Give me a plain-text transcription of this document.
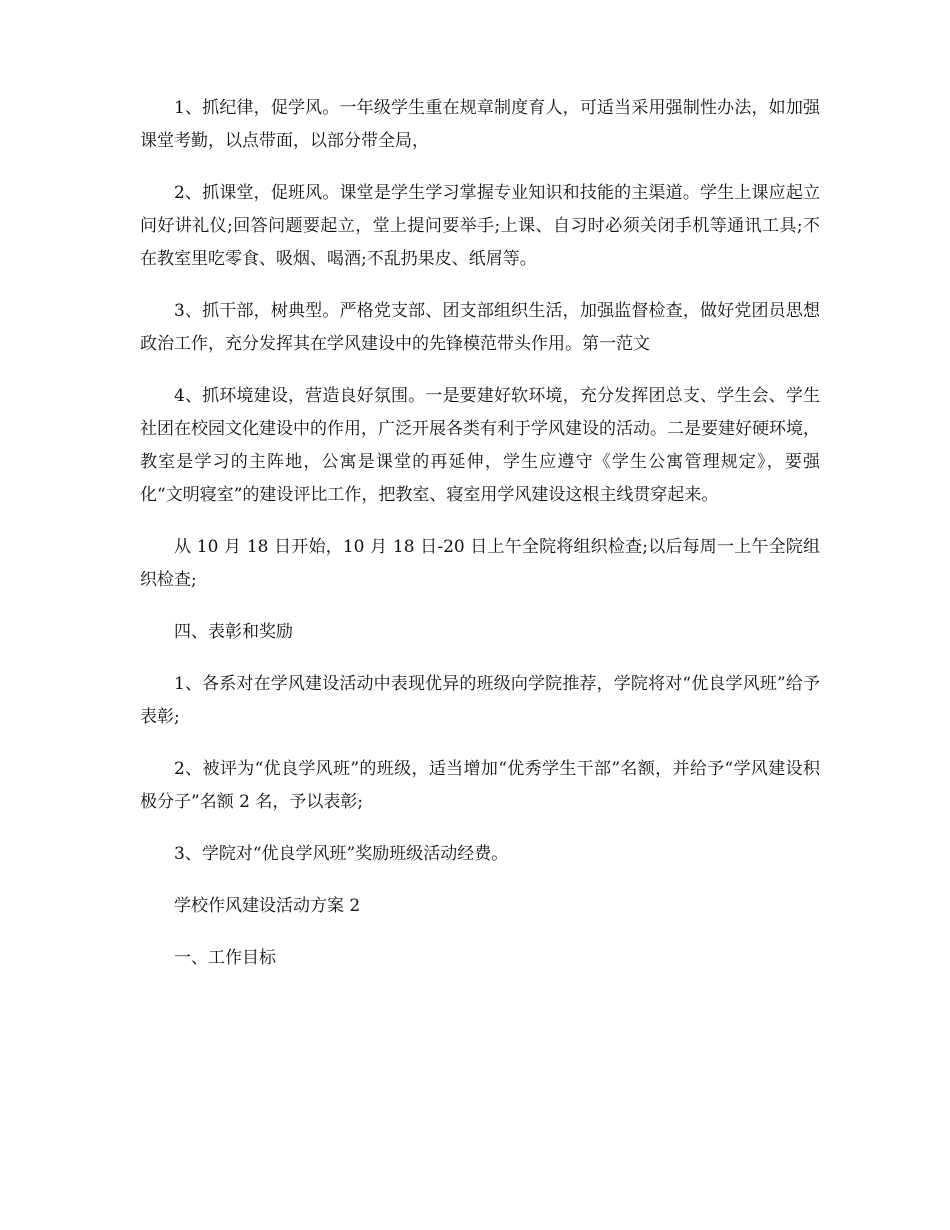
1、抓纪律，促学风。一年级学生重在规章制度育人，可适当采用强制性办法，如加强课堂考勤，以点带面，以部分带全局，

2、抓课堂，促班风。课堂是学生学习掌握专业知识和技能的主渠道。学生上课应起立问好讲礼仪;回答问题要起立，堂上提问要举手;上课、自习时必须关闭手机等通讯工具;不在教室里吃零食、吸烟、喝酒;不乱扔果皮、纸屑等。

3、抓干部，树典型。严格党支部、团支部组织生活，加强监督检查，做好党团员思想政治工作，充分发挥其在学风建设中的先锋模范带头作用。第一范文

4、抓环境建设，营造良好氛围。一是要建好软环境，充分发挥团总支、学生会、学生社团在校园文化建设中的作用，广泛开展各类有利于学风建设的活动。二是要建好硬环境，教室是学习的主阵地，公寓是课堂的再延伸，学生应遵守《学生公寓管理规定》，要强化“文明寝室”的建设评比工作，把教室、寝室用学风建设这根主线贯穿起来。

从 10 月 18 日开始，10 月 18 日-20 日上午全院将组织检查;以后每周一上午全院组织检查;

四、表彰和奖励

1、各系对在学风建设活动中表现优异的班级向学院推荐，学院将对“优良学风班”给予表彰;

2、被评为“优良学风班”的班级，适当增加“优秀学生干部”名额，并给予“学风建设积极分子”名额 2 名，予以表彰;

3、学院对“优良学风班”奖励班级活动经费。

学校作风建设活动方案 2

一、工作目标
